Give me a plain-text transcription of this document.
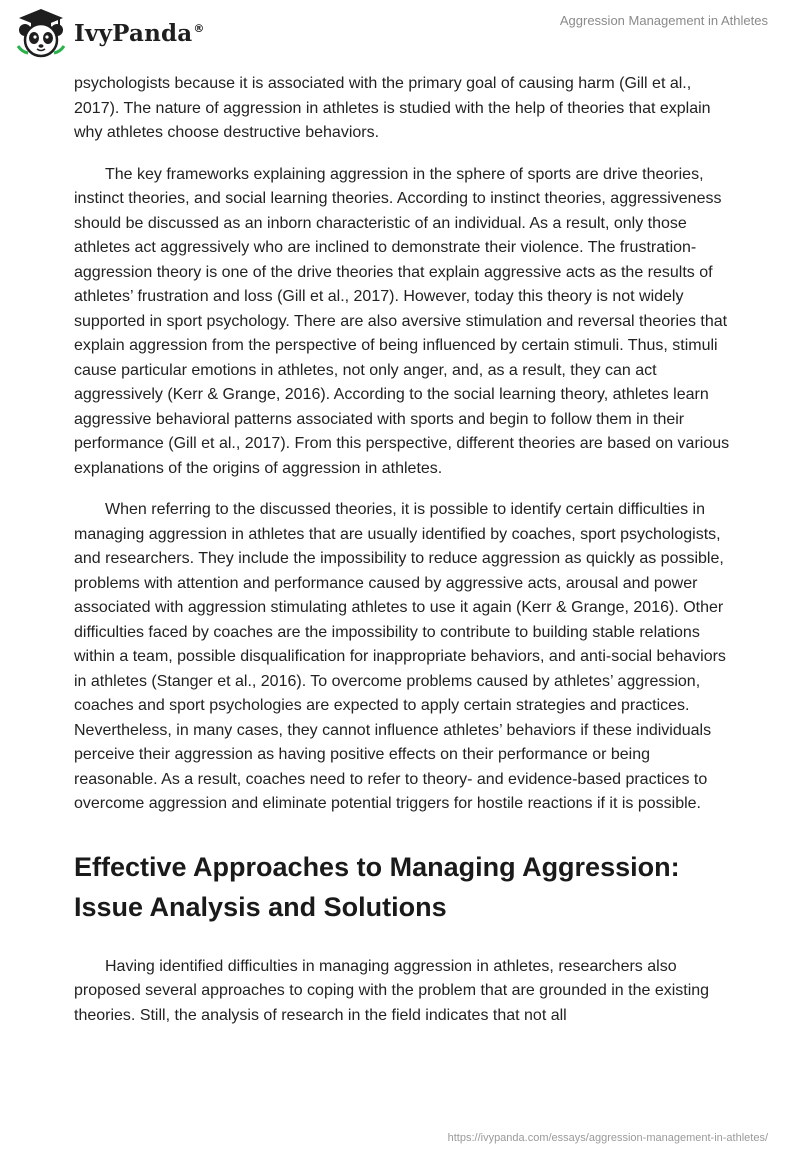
IvyPanda®
Aggression Management in Athletes

psychologists because it is associated with the primary goal of causing harm (Gill et al., 2017). The nature of aggression in athletes is studied with the help of theories that explain why athletes choose destructive behaviors.

The key frameworks explaining aggression in the sphere of sports are drive theories, instinct theories, and social learning theories. According to instinct theories, aggressiveness should be discussed as an inborn characteristic of an individual. As a result, only those athletes act aggressively who are inclined to demonstrate their violence. The frustration-aggression theory is one of the drive theories that explain aggressive acts as the results of athletes’ frustration and loss (Gill et al., 2017). However, today this theory is not widely supported in sport psychology. There are also aversive stimulation and reversal theories that explain aggression from the perspective of being influenced by certain stimuli. Thus, stimuli cause particular emotions in athletes, not only anger, and, as a result, they can act aggressively (Kerr & Grange, 2016). According to the social learning theory, athletes learn aggressive behavioral patterns associated with sports and begin to follow them in their performance (Gill et al., 2017). From this perspective, different theories are based on various explanations of the origins of aggression in athletes.

When referring to the discussed theories, it is possible to identify certain difficulties in managing aggression in athletes that are usually identified by coaches, sport psychologists, and researchers. They include the impossibility to reduce aggression as quickly as possible, problems with attention and performance caused by aggressive acts, arousal and power associated with aggression stimulating athletes to use it again (Kerr & Grange, 2016). Other difficulties faced by coaches are the impossibility to contribute to building stable relations within a team, possible disqualification for inappropriate behaviors, and anti-social behaviors in athletes (Stanger et al., 2016). To overcome problems caused by athletes’ aggression, coaches and sport psychologies are expected to apply certain strategies and practices. Nevertheless, in many cases, they cannot influence athletes’ behaviors if these individuals perceive their aggression as having positive effects on their performance or being reasonable. As a result, coaches need to refer to theory- and evidence-based practices to overcome aggression and eliminate potential triggers for hostile reactions if it is possible.

Effective Approaches to Managing Aggression: Issue Analysis and Solutions

Having identified difficulties in managing aggression in athletes, researchers also proposed several approaches to coping with the problem that are grounded in the existing theories. Still, the analysis of research in the field indicates that not all

https://ivypanda.com/essays/aggression-management-in-athletes/
